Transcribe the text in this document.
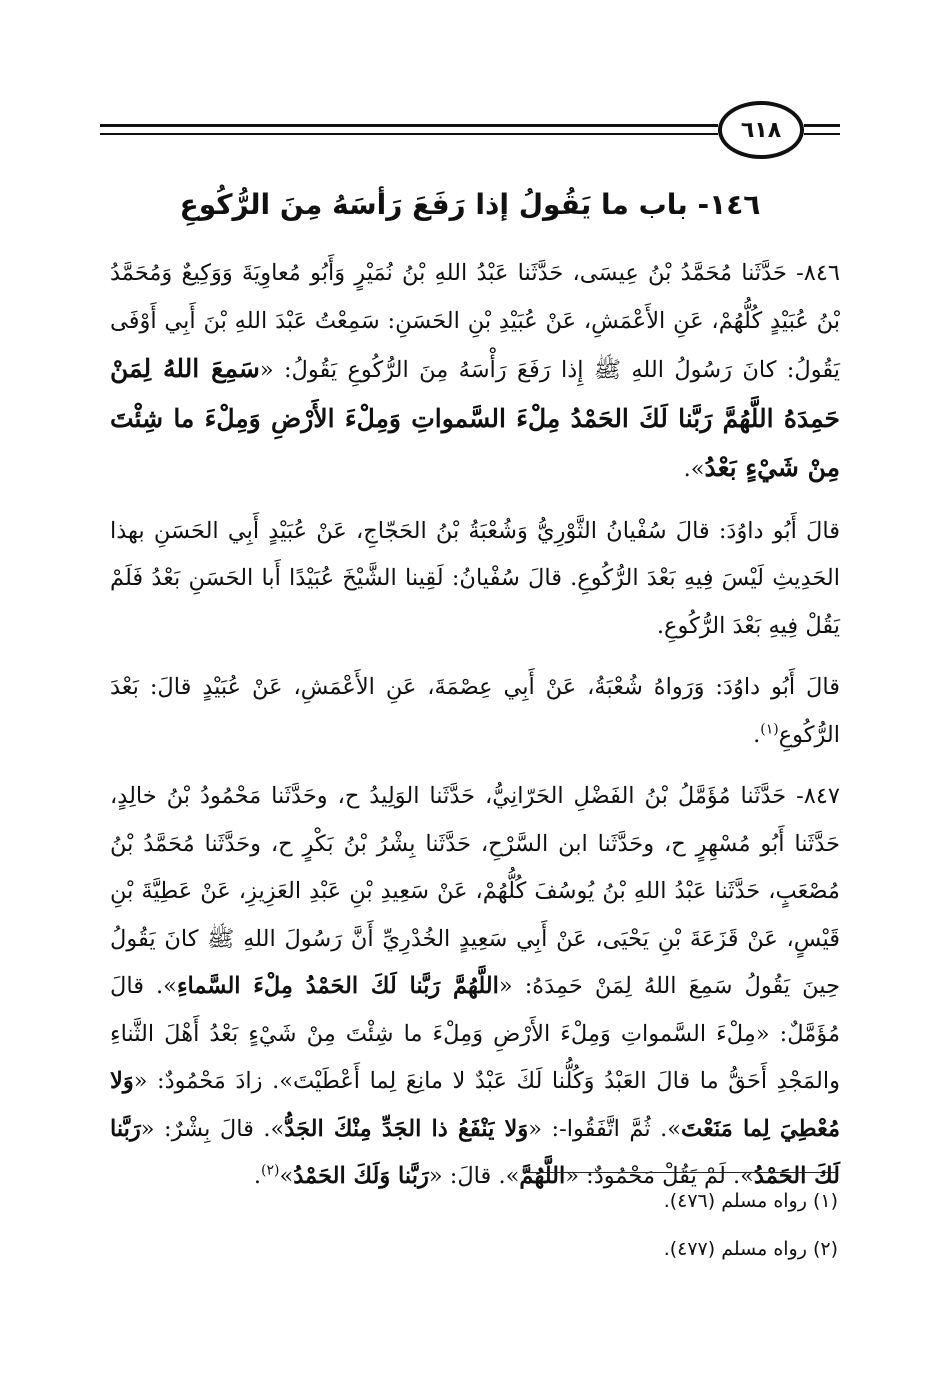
٦١٨
١٤٦- باب ما يَقُولُ إذا رَفَعَ رَأسَهُ مِنَ الرُّكُوعِ

٨٤٦- حَدَّثَنا مُحَمَّدُ بْنُ عِيسَى، حَدَّثَنا عَبْدُ اللهِ بْنُ نُمَيْرٍ وَأَبُو مُعاوِيَةَ وَوَكِيعٌ وَمُحَمَّدُ بْنُ عُبَيْدٍ كُلُّهُمْ، عَنِ الأَعْمَشِ، عَنْ عُبَيْدِ بْنِ الحَسَنِ: سَمِعْتُ عَبْدَ اللهِ بْنَ أَبِي أَوْفَى يَقُولُ: كانَ رَسُولُ اللهِ ﷺ إِذا رَفَعَ رَأْسَهُ مِنَ الرُّكُوعِ يَقُولُ: «سَمِعَ اللهُ لِمَنْ حَمِدَهُ اللَّهُمَّ رَبَّنا لَكَ الحَمْدُ مِلْءَ السَّمواتِ وَمِلْءَ الأَرْضِ وَمِلْءَ ما شِئْتَ مِنْ شَيْءٍ بَعْدُ».

قالَ أَبُو داوُدَ: قالَ سُفْيانُ الثَّوْرِيُّ وَشُعْبَةُ بْنُ الحَجّاجِ، عَنْ عُبَيْدٍ أَبِي الحَسَنِ بهذا الحَدِيثِ لَيْسَ فِيهِ بَعْدَ الرُّكُوعِ. قالَ سُفْيانُ: لَقِينا الشَّيْخَ عُبَيْدًا أَبا الحَسَنِ بَعْدُ فَلَمْ يَقُلْ فِيهِ بَعْدَ الرُّكُوعِ.

قالَ أَبُو داوُدَ: وَرَواهُ شُعْبَةُ، عَنْ أَبِي عِصْمَةَ، عَنِ الأَعْمَشِ، عَنْ عُبَيْدٍ قالَ: بَعْدَ الرُّكُوعِ$^{(١)}$.

٨٤٧- حَدَّثَنا مُؤَمَّلُ بْنُ الفَضْلِ الحَرّانِيُّ، حَدَّثَنا الوَلِيدُ ح، وحَدَّثَنا مَحْمُودُ بْنُ خالِدٍ، حَدَّثَنا أَبُو مُسْهِرٍ ح، وحَدَّثَنا ابن السَّرْحِ، حَدَّثَنا بِشْرُ بْنُ بَكْرٍ ح، وحَدَّثَنا مُحَمَّدُ بْنُ مُصْعَبٍ، حَدَّثَنا عَبْدُ اللهِ بْنُ يُوسُفَ كُلُّهُمْ، عَنْ سَعِيدِ بْنِ عَبْدِ العَزِيزِ، عَنْ عَطِيَّةَ بْنِ قَيْسٍ، عَنْ قَزَعَةَ بْنِ يَحْيَى، عَنْ أَبِي سَعِيدٍ الخُدْرِيِّ أَنَّ رَسُولَ اللهِ ﷺ كانَ يَقُولُ حِينَ يَقُولُ سَمِعَ اللهُ لِمَنْ حَمِدَهُ: «اللَّهُمَّ رَبَّنا لَكَ الحَمْدُ مِلْءَ السَّماءِ». قالَ مُؤَمَّلٌ: «مِلْءَ السَّمواتِ وَمِلْءَ الأَرْضِ وَمِلْءَ ما شِئْتَ مِنْ شَيْءٍ بَعْدُ أَهْلَ الثَّناءِ والمَجْدِ أَحَقُّ ما قالَ العَبْدُ وَكُلُّنا لَكَ عَبْدٌ لا مانِعَ لِما أَعْطَيْتَ». زادَ مَحْمُودٌ: «وَلا مُعْطِيَ لِما مَنَعْتَ». ثُمَّ اتَّفَقُوا-: «وَلا يَنْفَعُ ذا الجَدِّ مِنْكَ الجَدُّ». قالَ بِشْرٌ: «رَبَّنا لَكَ الحَمْدُ». لَمْ يَقُلْ مَحْمُودٌ: «اللَّهُمَّ». قالَ: «رَبَّنا وَلَكَ الحَمْدُ»$^{(٢)}$.

(١) رواه مسلم (٤٧٦).

(٢) رواه مسلم (٤٧٧).
